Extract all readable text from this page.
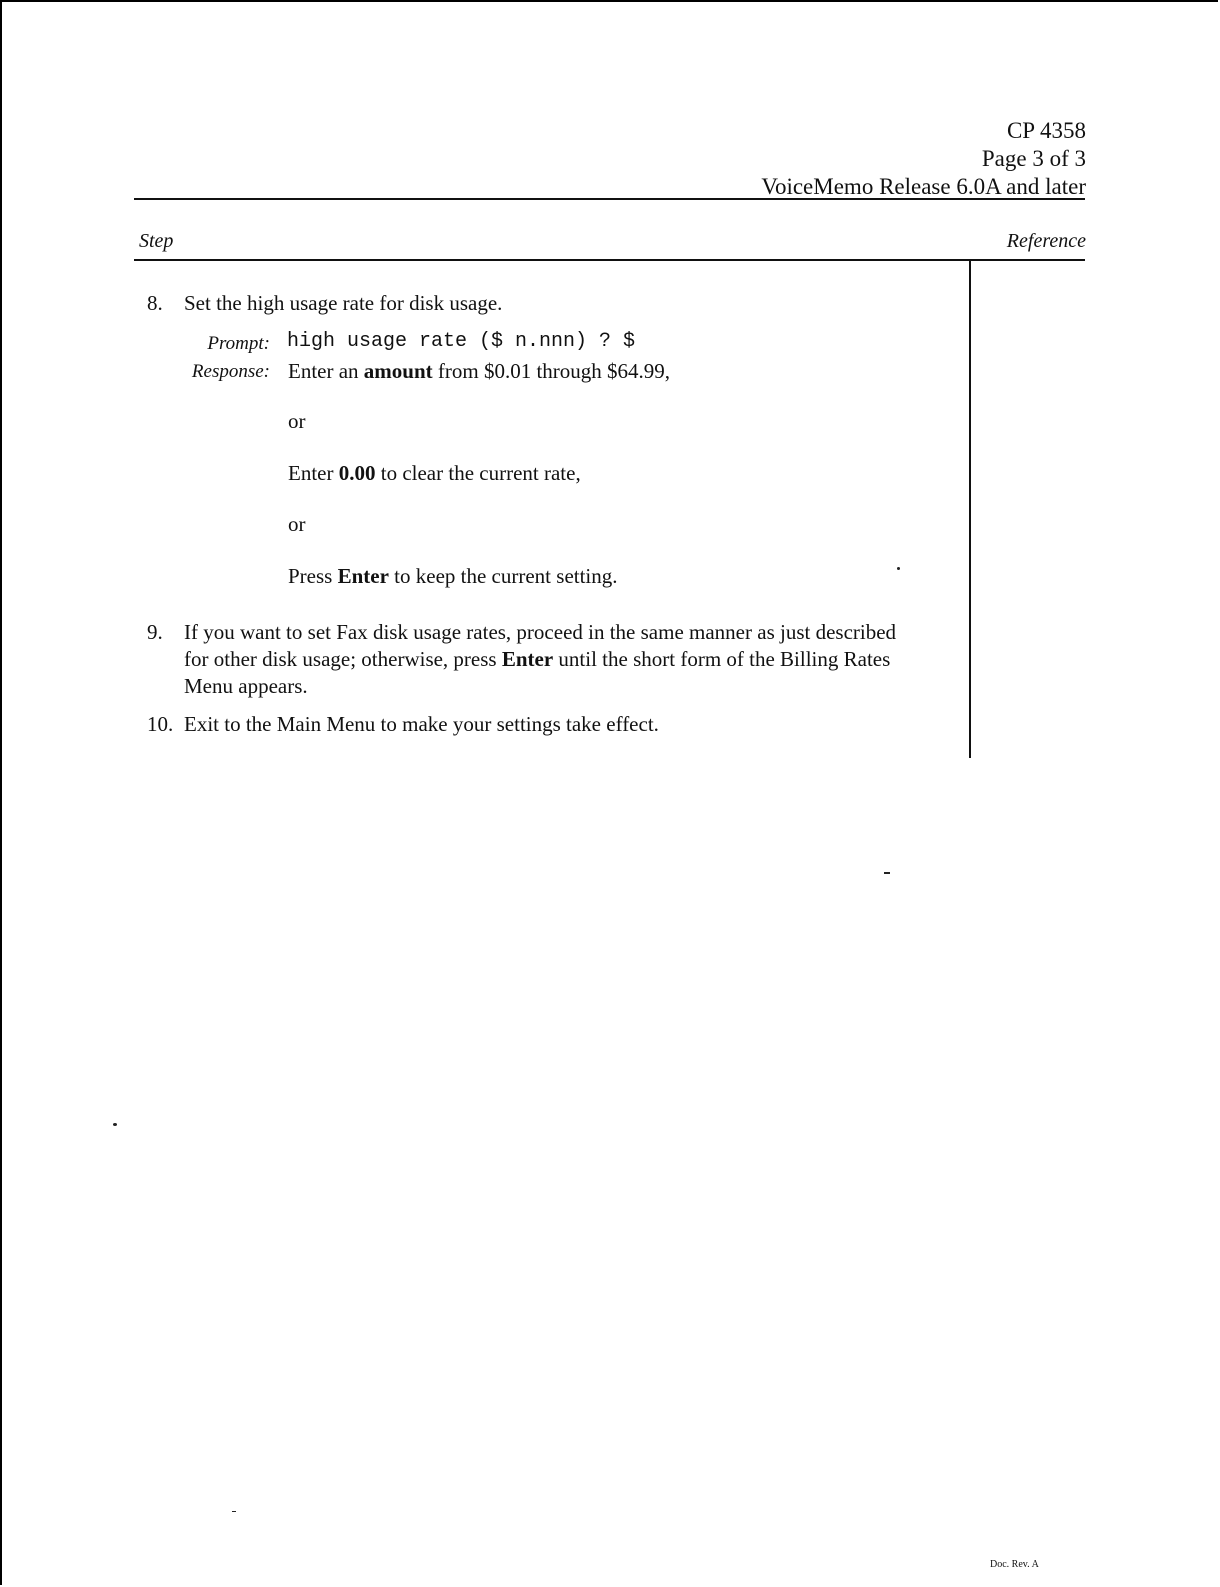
CP 4358
Page 3 of 3
VoiceMemo Release 6.0A and later
Step	Reference
8. Set the high usage rate for disk usage.
Prompt: high usage rate ($ n.nnn) ? $
Response: Enter an amount from $0.01 through $64.99,
or
Enter 0.00 to clear the current rate,
or
Press Enter to keep the current setting.
9. If you want to set Fax disk usage rates, proceed in the same manner as just described
for other disk usage; otherwise, press Enter until the short form of the Billing Rates
Menu appears.
10. Exit to the Main Menu to make your settings take effect.
Doc. Rev. A
